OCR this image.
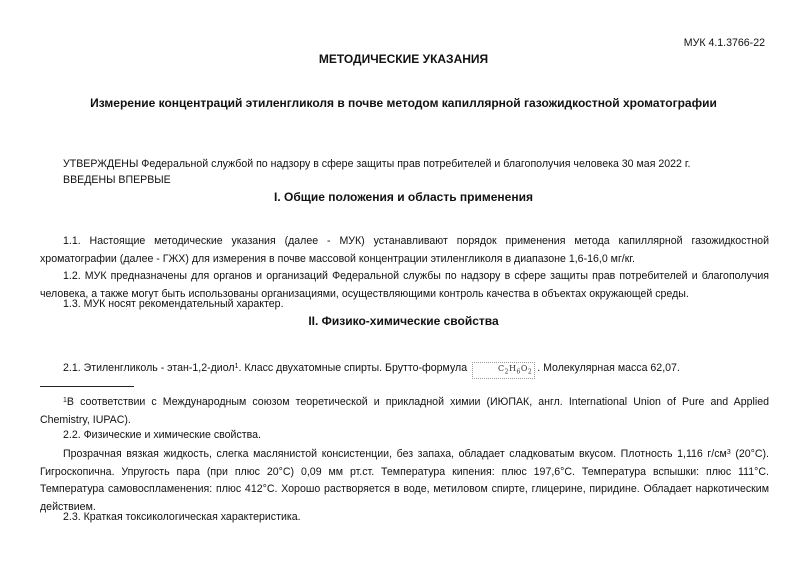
МУК 4.1.3766-22
МЕТОДИЧЕСКИЕ УКАЗАНИЯ
Измерение концентраций этиленгликоля в почве методом капиллярной газожидкостной хроматографии
УТВЕРЖДЕНЫ Федеральной службой по надзору в сфере защиты прав потребителей и благополучия человека 30 мая 2022 г.
ВВЕДЕНЫ ВПЕРВЫЕ
I. Общие положения и область применения
1.1. Настоящие методические указания (далее - МУК) устанавливают порядок применения метода капиллярной газожидкостной хроматографии (далее - ГЖХ) для измерения в почве массовой концентрации этиленгликоля в диапазоне 1,6-16,0 мг/кг.
1.2. МУК предназначены для органов и организаций Федеральной службы по надзору в сфере защиты прав потребителей и благополучия человека, а также могут быть использованы организациями, осуществляющими контроль качества в объектах окружающей среды.
1.3. МУК носят рекомендательный характер.
II. Физико-химические свойства
2.1. Этиленгликоль - этан-1,2-диол$^1$. Класс двухатомные спирты. Брутто-формула	$C_2H_6O_2$ . Молекулярная масса 62,07.
$^1$В соответствии с Международным союзом теоретической и прикладной химии (ИЮПАК, англ. International Union of Pure and Applied Chemistry, IUPAC).
2.2. Физические и химические свойства.
Прозрачная вязкая жидкость, слегка маслянистой консистенции, без запаха, обладает сладковатым вкусом. Плотность 1,116 $г/см^3$ (20°С). Гигроскопична. Упругость пара (при плюс 20°С) 0,09 мм рт.ст. Температура кипения: плюс 197,6°С. Температура вспышки: плюс 111°С. Температура самовоспламенения: плюс 412°С. Хорошо растворяется в воде, метиловом спирте, глицерине, пиридине. Обладает наркотическим действием.
2.3. Краткая токсикологическая характеристика.
